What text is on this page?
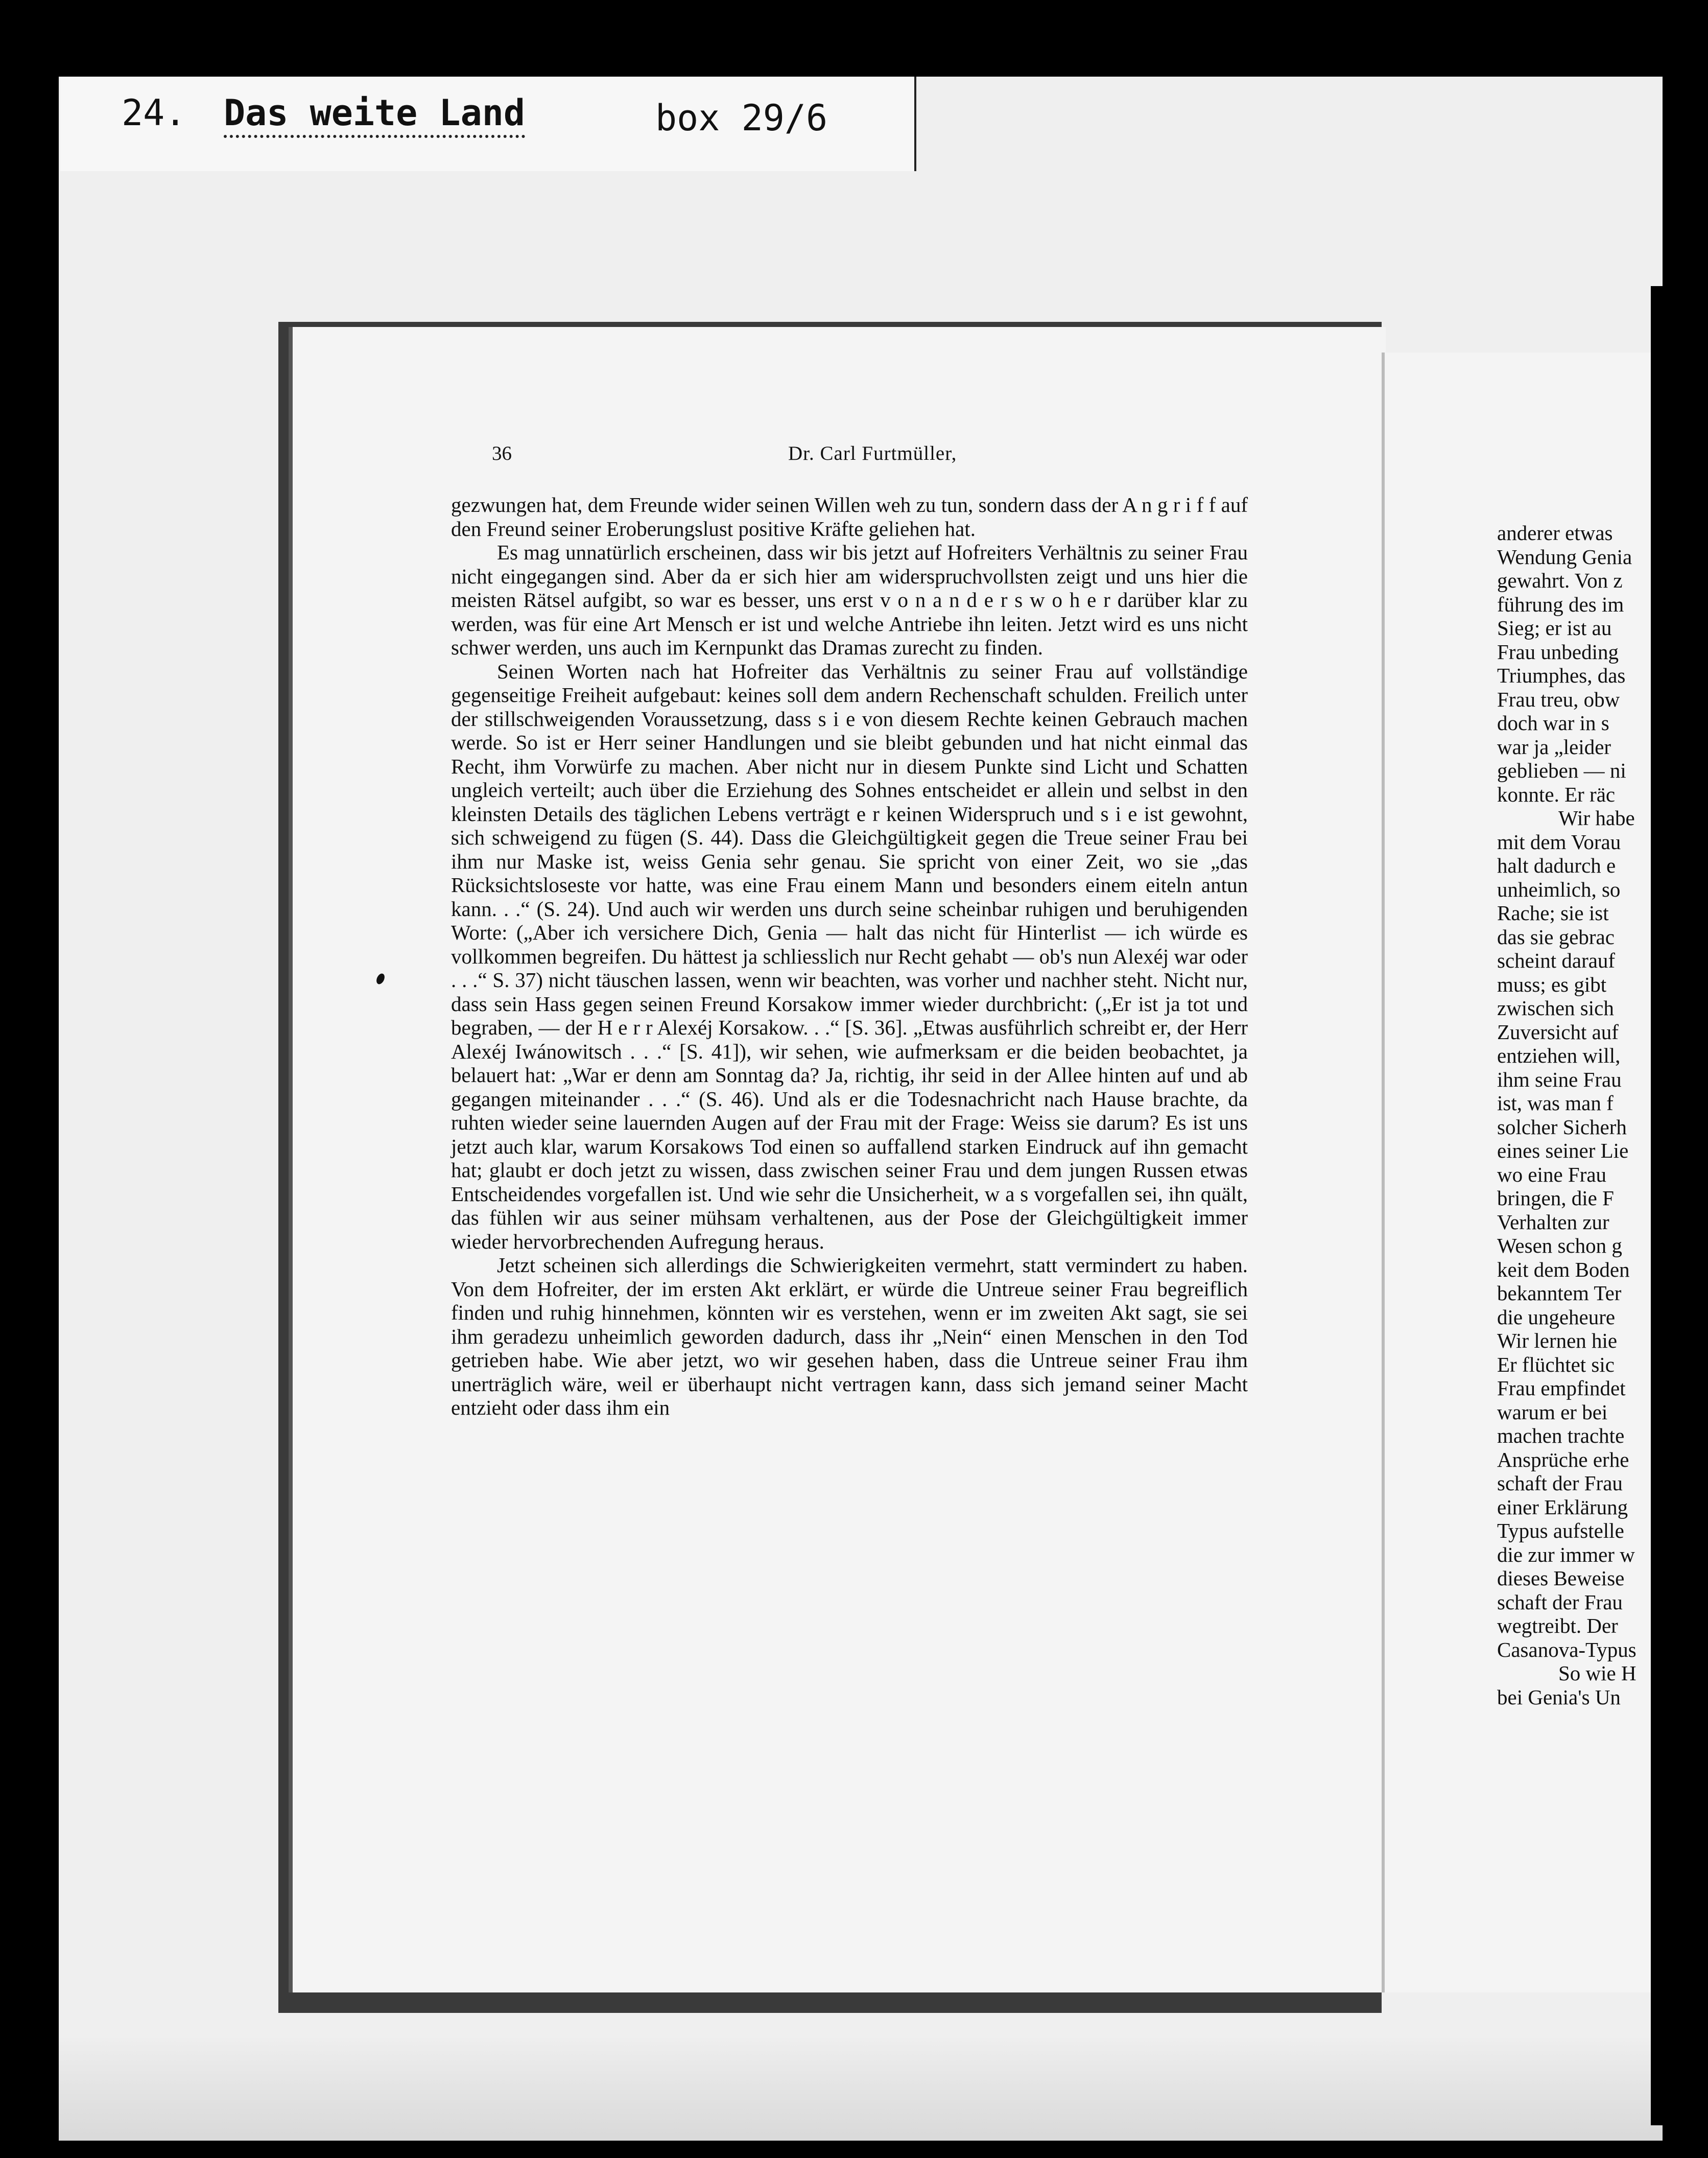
24. Das weite Land	box 29/6
36	Dr. Carl Furtmüller,

gezwungen hat, dem Freunde wider seinen Willen weh zu tun, sondern dass der A n g r i f f auf den Freund seiner Eroberungslust positive Kräfte geliehen hat.

Es mag unnatürlich erscheinen, dass wir bis jetzt auf Hofreiters Verhältnis zu seiner Frau nicht eingegangen sind. Aber da er sich hier am widerspruchvollsten zeigt und uns hier die meisten Rätsel aufgibt, so war es besser, uns erst v o n a n d e r s w o h e r darüber klar zu werden, was für eine Art Mensch er ist und welche Antriebe ihn leiten. Jetzt wird es uns nicht schwer werden, uns auch im Kernpunkt das Dramas zurecht zu finden.

Seinen Worten nach hat Hofreiter das Verhältnis zu seiner Frau auf vollständige gegenseitige Freiheit aufgebaut: keines soll dem andern Rechenschaft schulden. Freilich unter der stillschweigenden Voraussetzung, dass s i e von diesem Rechte keinen Gebrauch machen werde. So ist er Herr seiner Handlungen und sie bleibt gebunden und hat nicht einmal das Recht, ihm Vorwürfe zu machen. Aber nicht nur in diesem Punkte sind Licht und Schatten ungleich verteilt; auch über die Erziehung des Sohnes entscheidet er allein und selbst in den kleinsten Details des täglichen Lebens verträgt e r keinen Widerspruch und s i e ist gewohnt, sich schweigend zu fügen (S. 44). Dass die Gleichgültigkeit gegen die Treue seiner Frau bei ihm nur Maske ist, weiss Genia sehr genau. Sie spricht von einer Zeit, wo sie „das Rücksichtsloseste vor hatte, was eine Frau einem Mann und besonders einem eiteln antun kann. . .“ (S. 24). Und auch wir werden uns durch seine scheinbar ruhigen und beruhigenden Worte: („Aber ich versichere Dich, Genia — halt das nicht für Hinterlist — ich würde es vollkommen begreifen. Du hättest ja schliesslich nur Recht gehabt — ob's nun Alexéj war oder . . .“ S. 37) nicht täuschen lassen, wenn wir beachten, was vorher und nachher steht. Nicht nur, dass sein Hass gegen seinen Freund Korsakow immer wieder durchbricht: („Er ist ja tot und begraben, — der H e r r Alexéj Korsakow. . .“ [S. 36]. „Etwas ausführlich schreibt er, der Herr Alexéj Iwánowitsch . . .“ [S. 41]), wir sehen, wie aufmerksam er die beiden beobachtet, ja belauert hat: „War er denn am Sonntag da? Ja, richtig, ihr seid in der Allee hinten auf und ab gegangen miteinander . . .“ (S. 46). Und als er die Todesnachricht nach Hause brachte, da ruhten wieder seine lauernden Augen auf der Frau mit der Frage: Weiss sie darum? Es ist uns jetzt auch klar, warum Korsakows Tod einen so auffallend starken Eindruck auf ihn gemacht hat; glaubt er doch jetzt zu wissen, dass zwischen seiner Frau und dem jungen Russen etwas Entscheidendes vorgefallen ist. Und wie sehr die Unsicherheit, w a s vorgefallen sei, ihn quält, das fühlen wir aus seiner mühsam verhaltenen, aus der Pose der Gleichgültigkeit immer wieder hervorbrechenden Aufregung heraus.

Jetzt scheinen sich allerdings die Schwierigkeiten vermehrt, statt vermindert zu haben. Von dem Hofreiter, der im ersten Akt erklärt, er würde die Untreue seiner Frau begreiflich finden und ruhig hinnehmen, könnten wir es verstehen, wenn er im zweiten Akt sagt, sie sei ihm geradezu unheimlich geworden dadurch, dass ihr „Nein“ einen Menschen in den Tod getrieben habe. Wie aber jetzt, wo wir gesehen haben, dass die Untreue seiner Frau ihm unerträglich wäre, weil er überhaupt nicht vertragen kann, dass sich jemand seiner Macht entzieht oder dass ihm ein

anderer etwas
Wendung Genia
gewahrt. Von z
führung des im
Sieg; er ist au
Frau unbeding
Triumphes, das
Frau treu, obw
doch war in s
war ja „leider
geblieben — ni
konnte. Er räc
Wir habe
mit dem Vorau
halt dadurch e
unheimlich, so
Rache; sie ist
das sie gebrac
scheint darauf
muss; es gibt
zwischen sich
Zuversicht auf
entziehen will,
ihm seine Frau
ist, was man f
solcher Sicherh
eines seiner Lie
wo eine Frau
bringen, die F
Verhalten zur
Wesen schon g
keit dem Boden
bekanntem Ter
die ungeheure
Wir lernen hie
Er flüchtet sic
Frau empfindet
warum er bei
machen trachte
Ansprüche erhe
schaft der Frau
einer Erklärung
Typus aufstelle
die zur immer w
dieses Beweise
schaft der Frau
wegtreibt. Der
Casanova-Typus
So wie H
bei Genia's Un
